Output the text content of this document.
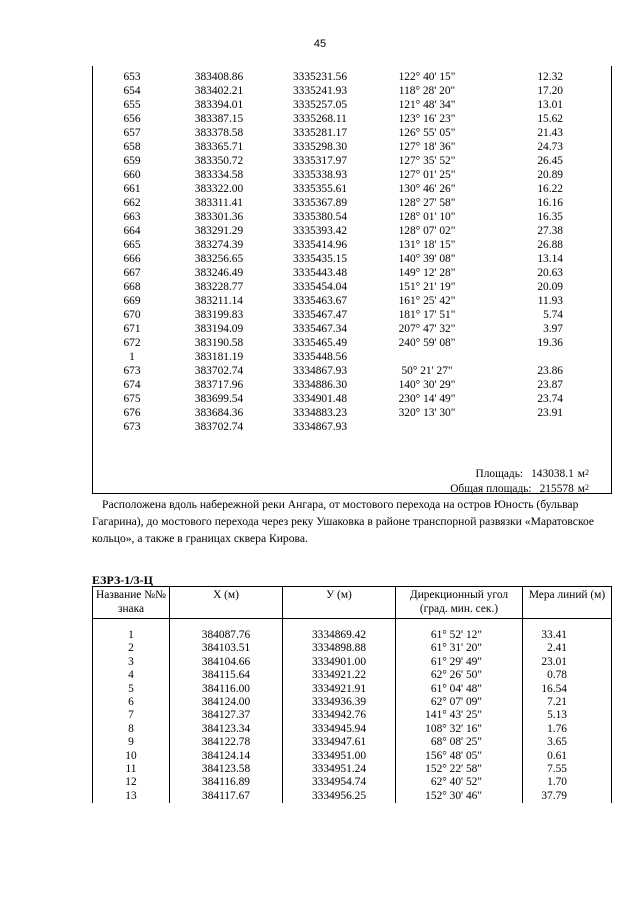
45
653	383408.86	3335231.56	122° 40' 15"	12.32
654	383402.21	3335241.93	118° 28' 20"	17.20
655	383394.01	3335257.05	121° 48' 34"	13.01
656	383387.15	3335268.11	123° 16' 23"	15.62
657	383378.58	3335281.17	126° 55' 05"	21.43
658	383365.71	3335298.30	127° 18' 36"	24.73
659	383350.72	3335317.97	127° 35' 52"	26.45
660	383334.58	3335338.93	127° 01' 25"	20.89
661	383322.00	3335355.61	130° 46' 26"	16.22
662	383311.41	3335367.89	128° 27' 58"	16.16
663	383301.36	3335380.54	128° 01' 10"	16.35
664	383291.29	3335393.42	128° 07' 02"	27.38
665	383274.39	3335414.96	131° 18' 15"	26.88
666	383256.65	3335435.15	140° 39' 08"	13.14
667	383246.49	3335443.48	149° 12' 28"	20.63
668	383228.77	3335454.04	151° 21' 19"	20.09
669	383211.14	3335463.67	161° 25' 42"	11.93
670	383199.83	3335467.47	181° 17' 51"	5.74
671	383194.09	3335467.34	207° 47' 32"	3.97
672	383190.58	3335465.49	240° 59' 08"	19.36
1	383181.19	3335448.56		
673	383702.74	3334867.93	50° 21' 27"	23.86
674	383717.96	3334886.30	140° 30' 29"	23.87
675	383699.54	3334901.48	230° 14' 49"	23.74
676	383684.36	3334883.23	320° 13' 30"	23.91
673	383702.74	3334867.93		
Площадь: 143038.1 $м^2$
Общая площадь: 215578 $м^2$
Расположена вдоль набережной реки Ангара, от мостового перехода на остров Юность (бульвар Гагарина), до мостового перехода через реку Ушаковка в районе транспорной развязки «Маратовское кольцо», а также в границах сквера Кирова.
ЕЗРЗ-1/3-Ц
Название №№ знака	X (м)	У (м)	Дирекционный угол (град. мин. сек.)	Мера линий (м)

1	384087.76	3334869.42	61° 52' 12"	33.41
2	384103.51	3334898.88	61° 31' 20"	2.41
3	384104.66	3334901.00	61° 29' 49"	23.01
4	384115.64	3334921.22	62° 26' 50"	0.78
5	384116.00	3334921.91	61° 04' 48"	16.54
6	384124.00	3334936.39	62° 07' 09"	7.21
7	384127.37	3334942.76	141° 43' 25"	5.13
8	384123.34	3334945.94	108° 32' 16"	1.76
9	384122.78	3334947.61	68° 08' 25"	3.65
10	384124.14	3334951.00	156° 48' 05"	0.61
11	384123.58	3334951.24	152° 22' 58"	7.55
12	384116.89	3334954.74	62° 40' 52"	1.70
13	384117.67	3334956.25	152° 30' 46"	37.79
